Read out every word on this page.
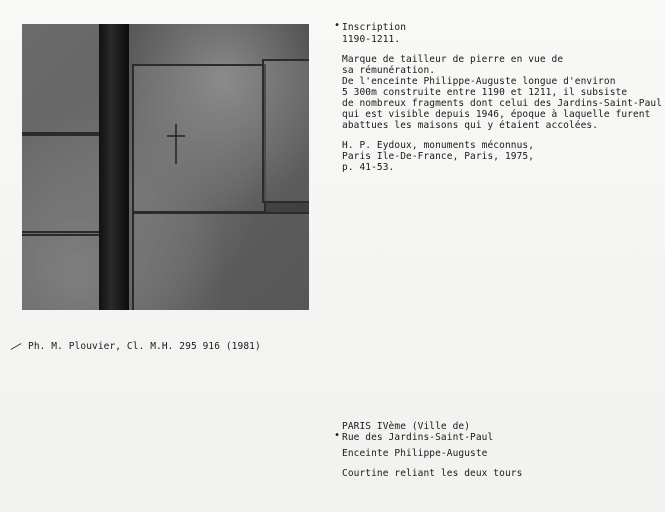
• Inscription
1190-1211.
Marque de tailleur de pierre en vue de
sa rémunération.
De l'enceinte Philippe-Auguste longue d'environ
5 300m construite entre 1190 et 1211, il subsiste
de nombreux fragments dont celui des Jardins-Saint-Paul
qui est visible depuis 1946, époque à laquelle furent
abattues les maisons qui y étaient accolées.
H. P. Eydoux, monuments méconnus,
Paris Ile-De-France, Paris, 1975,
p. 41-53.
Ph. M. Plouvier, Cl. M.H. 295 916 (1981)
PARIS IVème (Ville de)
• Rue des Jardins-Saint-Paul
Enceinte Philippe-Auguste
Courtine reliant les deux tours
